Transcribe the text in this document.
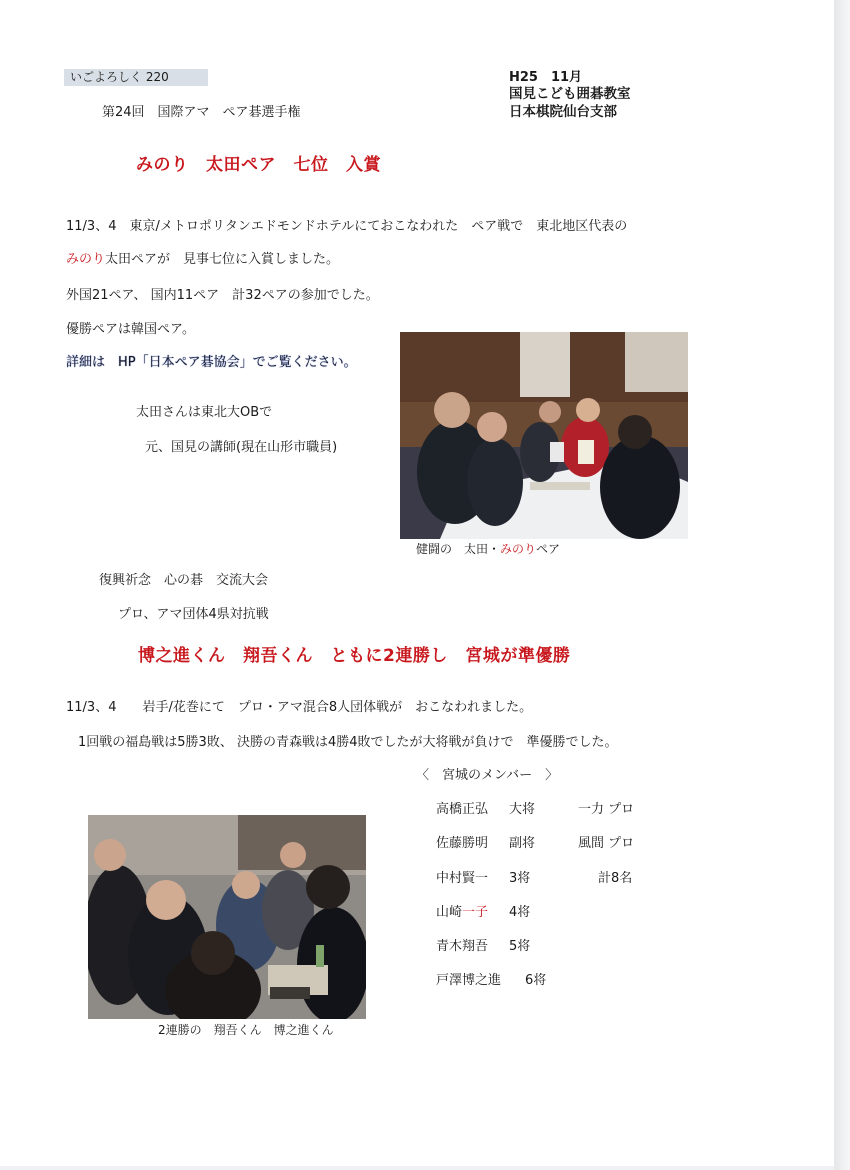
いごよろしく 220	H25　11月
国見こども囲碁教室
日本棋院仙台支部
第24回　国際アマ　ペア碁選手権
みのり　太田ペア　七位　入賞
11/3、4　東京/メトロポリタンエドモンドホテルにておこなわれた　ペア戦で　東北地区代表の
みのり太田ペアが　見事七位に入賞しました。
外国21ペア、 国内11ペア　計32ペアの参加でした。
優勝ペアは韓国ペア。
詳細は　HP「日本ペア碁協会」でご覧ください。
太田さんは東北大OBで
元、国見の講師(現在山形市職員)
健闘の　太田・みのりペア
復興祈念　心の碁　交流大会
プロ、アマ団体4県対抗戦
博之進くん　翔吾くん　ともに2連勝し　宮城が準優勝
11/3、4　　岩手/花巻にて　プロ・アマ混合8人団体戦が　おこなわれました。
1回戦の福島戦は5勝3敗、 決勝の青森戦は4勝4敗でしたが大将戦が負けで　準優勝でした。
〈　宮城のメンバー　〉
高橋正弘 大将	一力 プロ
佐藤勝明 副将	風間 プロ
中村賢一 3将	計8名
山崎一子 4将
青木翔吾 5将
戸澤博之進 6将
2連勝の　翔吾くん　博之進くん
